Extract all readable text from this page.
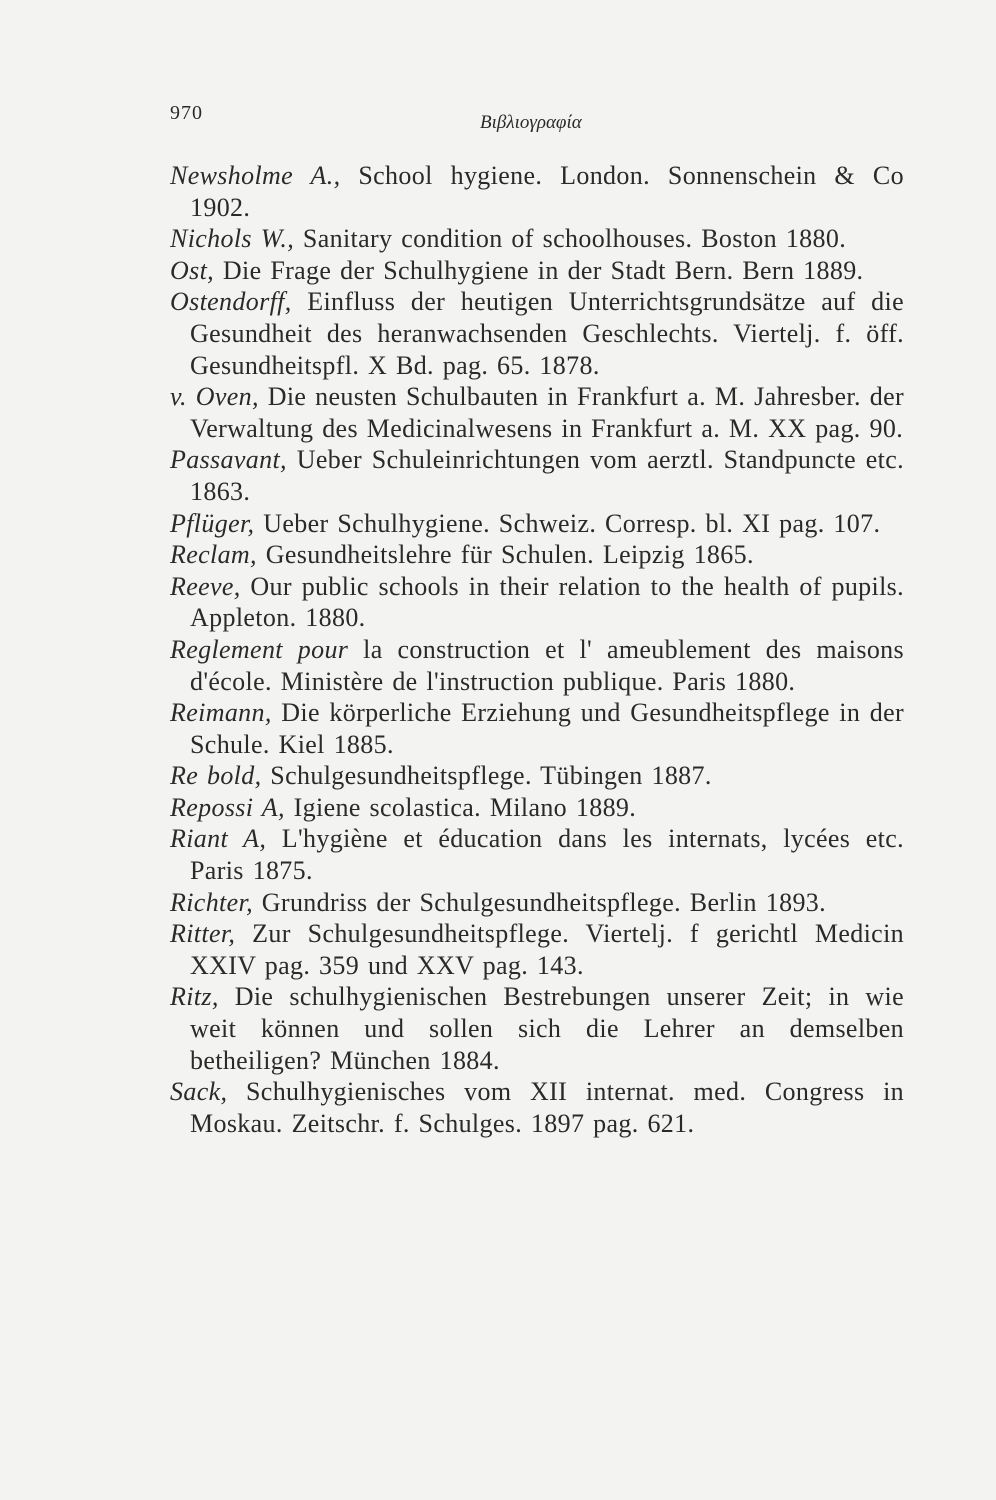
970	Βιβλιογραφία
Newsholme A., School hygiene. London. Sonnenschein & Co 1902.
Nichols W., Sanitary condition of schoolhouses. Boston 1880.
Ost, Die Frage der Schulhygiene in der Stadt Bern. Bern 1889.
Ostendorff, Einfluss der heutigen Unterrichtsgrundsätze auf die Gesundheit des heranwachsenden Geschlechts. Viertelj. f. öff. Gesundheitspfl. X Bd. pag. 65. 1878.
v. Oven, Die neusten Schulbauten in Frankfurt a. M. Jahresber. der Verwaltung des Medicinalwesens in Frankfurt a. M. XX pag. 90.
Passavant, Ueber Schuleinrichtungen vom aerztl. Standpuncte etc. 1863.
Pflüger, Ueber Schulhygiene. Schweiz. Corresp. bl. XI pag. 107.
Reclam, Gesundheitslehre für Schulen. Leipzig 1865.
Reeve, Our public schools in their relation to the health of pupils. Appleton. 1880.
Reglement pour la construction et l' ameublement des maisons d'école. Ministère de l'instruction publique. Paris 1880.
Reimann, Die körperliche Erziehung und Gesundheitspflege in der Schule. Kiel 1885.
Re bold, Schulgesundheitspflege. Tübingen 1887.
Repossi A, Igiene scolastica. Milano 1889.
Riant A, L'hygiène et éducation dans les internats, lycées etc. Paris 1875.
Richter, Grundriss der Schulgesundheitspflege. Berlin 1893.
Ritter, Zur Schulgesundheitspflege. Viertelj. f gerichtl Medicin XXIV pag. 359 und XXV pag. 143.
Ritz, Die schulhygienischen Bestrebungen unserer Zeit; in wie weit können und sollen sich die Lehrer an demselben betheiligen? München 1884.
Sack, Schulhygienisches vom XII internat. med. Congress in Moskau. Zeitschr. f. Schulges. 1897 pag. 621.
